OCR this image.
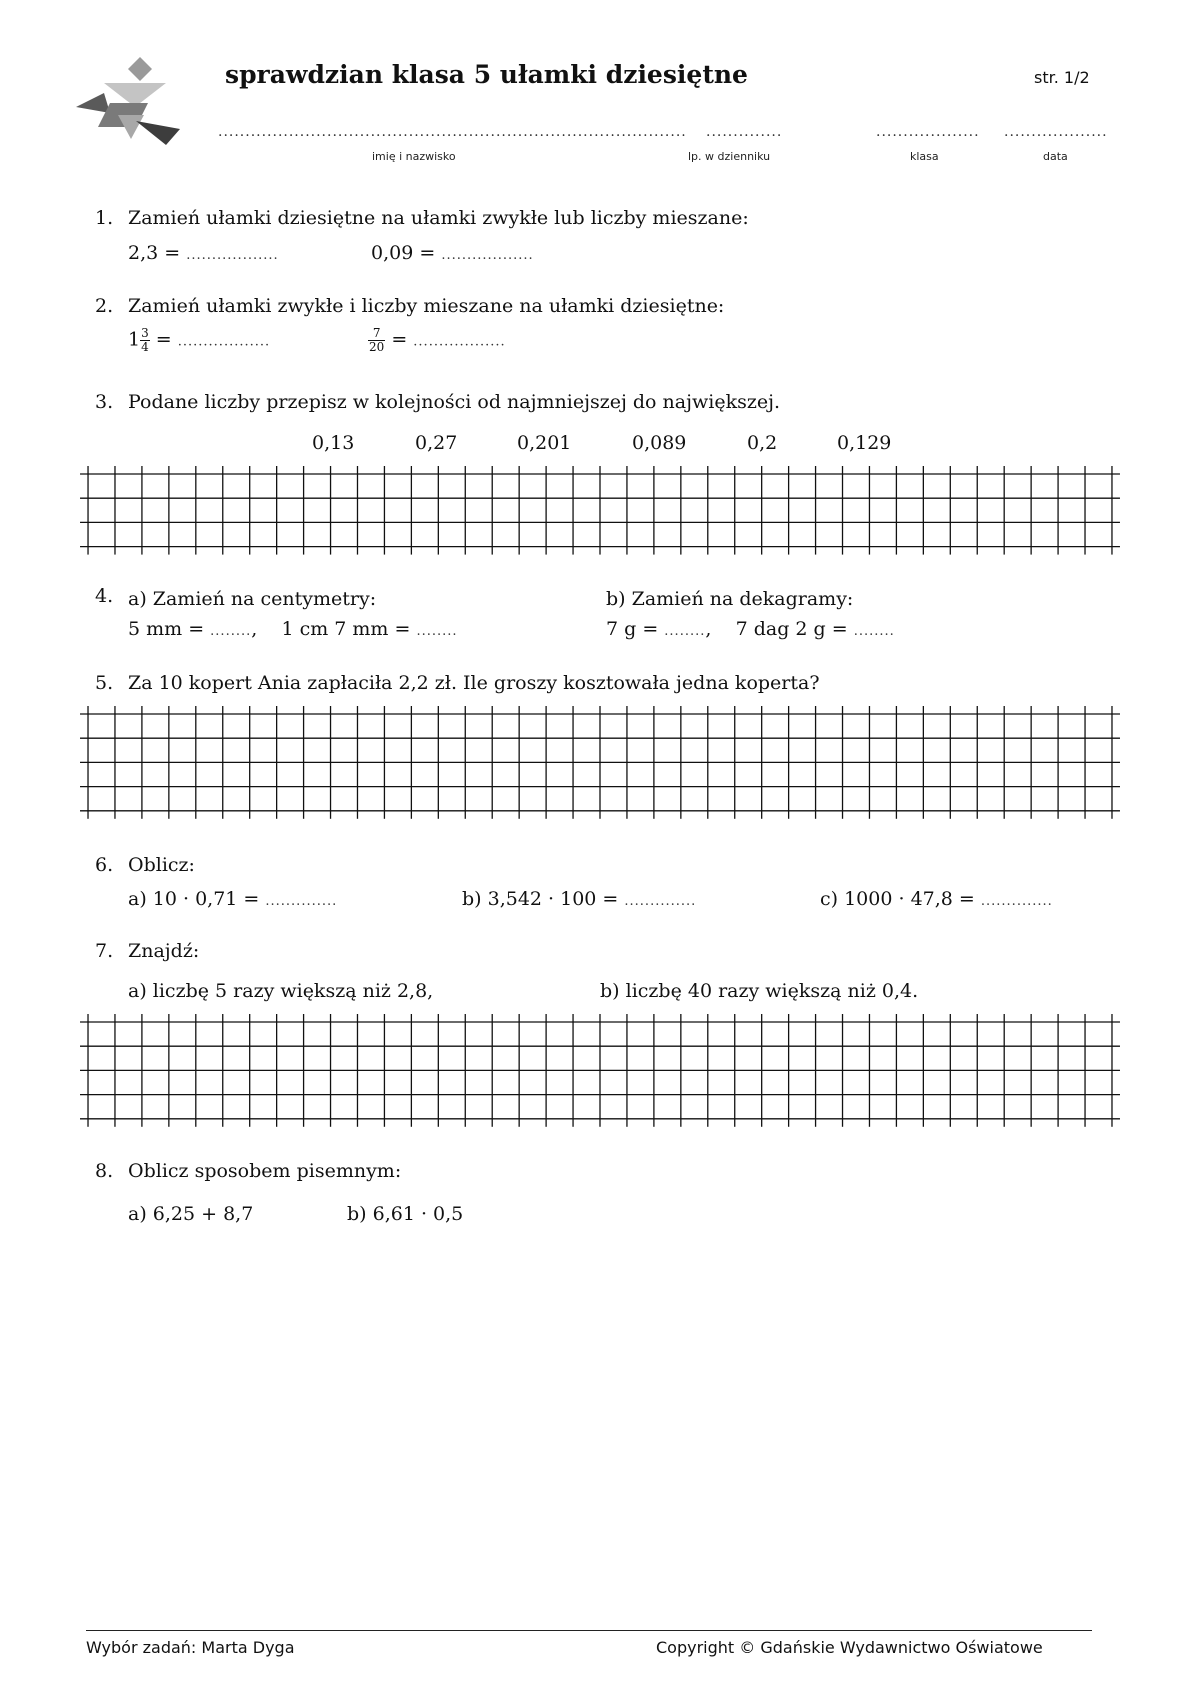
sprawdzian klasa 5 ułamki dziesiętne	str. 1/2
......................................................................................
imię i nazwisko
..............
lp. w dzienniku
...................
klasa
...................
data
1. Zamień ułamki dziesiętne na ułamki zwykłe lub liczby mieszane:
2,3 = ..................	0,09 = ..................
2. Zamień ułamki zwykłe i liczby mieszane na ułamki dziesiętne:
$1 \frac{3}{4}$ = ..................	$\frac{7}{20}$ = ..................
3. Podane liczby przepisz w kolejności od najmniejszej do największej.
0,13	0,27	0,201	0,089	0,2	0,129
4. a) Zamień na centymetry:
5 mm = ........, 1 cm 7 mm = ........
b) Zamień na dekagramy:
7 g = ........, 7 dag 2 g = ........
5. Za 10 kopert Ania zapłaciła 2,2 zł. Ile groszy kosztowała jedna koperta?
6. Oblicz:
a) 10 · 0,71 = ..............	b) 3,542 · 100 = ..............	c) 1000 · 47,8 = ..............
7. Znajdź:
a) liczbę 5 razy większą niż 2,8,	b) liczbę 40 razy większą niż 0,4.
8. Oblicz sposobem pisemnym:
a) 6,25 + 8,7	b) 6,61 · 0,5
Wybór zadań: Marta Dyga	Copyright © Gdańskie Wydawnictwo Oświatowe
